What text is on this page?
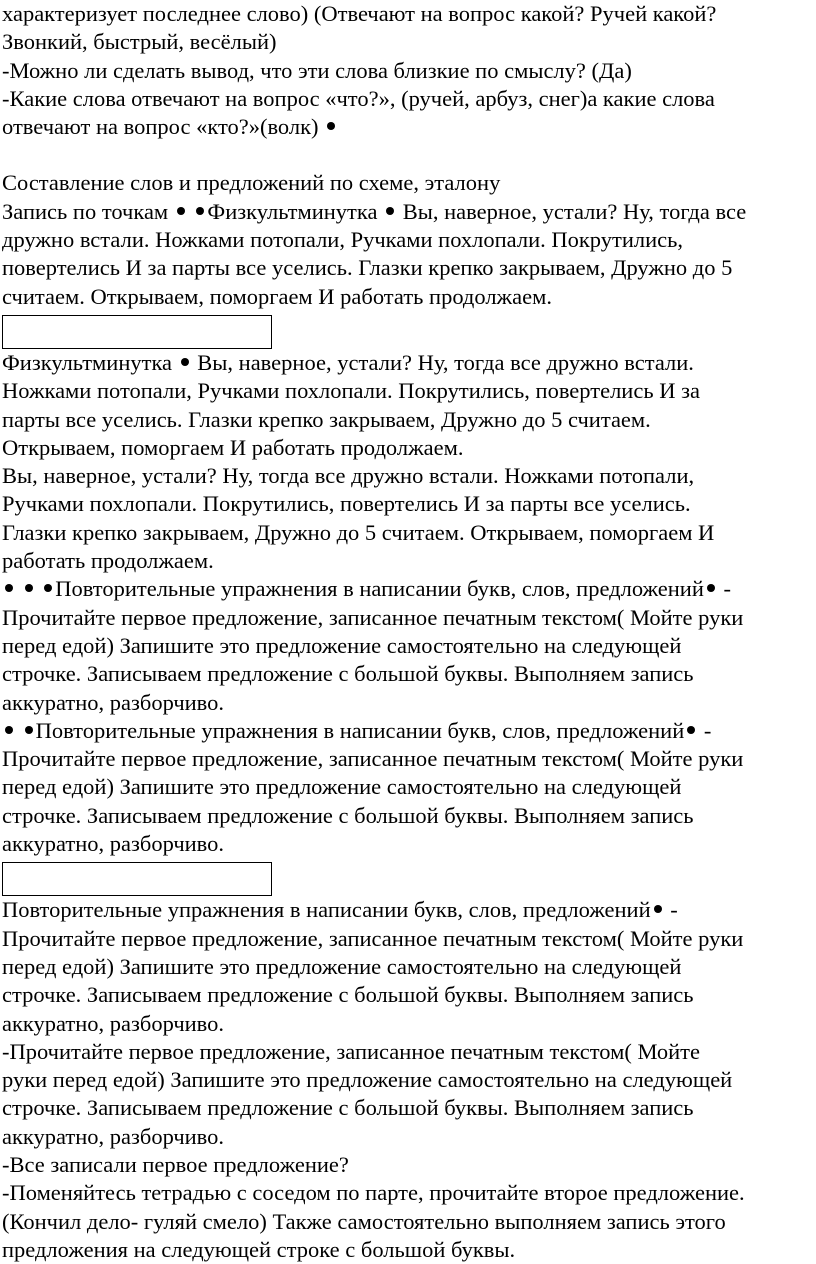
характеризует последнее слово) (Отвечают на вопрос какой? Ручей какой?
Звонкий, быстрый, весёлый)
-Можно ли сделать вывод, что эти слова близкие по смыслу? (Да)
-Какие слова отвечают на вопрос «что?», (ручей, арбуз, снег)а какие слова
отвечают на вопрос «кто?»(волк)
Составление слов и предложений по схеме, эталону
Запись по точкам  Физкультминутка  Вы, наверное, устали? Ну, тогда все
дружно встали. Ножками потопали, Ручками похлопали. Покрутились,
повертелись И за парты все уселись. Глазки крепко закрываем, Дружно до 5
считаем. Открываем, поморгаем И работать продолжаем.
Физкультминутка  Вы, наверное, устали? Ну, тогда все дружно встали.
Ножками потопали, Ручками похлопали. Покрутились, повертелись И за
парты все уселись. Глазки крепко закрываем, Дружно до 5 считаем.
Открываем, поморгаем И работать продолжаем.
Вы, наверное, устали? Ну, тогда все дружно встали. Ножками потопали,
Ручками похлопали. Покрутились, повертелись И за парты все уселись.
Глазки крепко закрываем, Дружно до 5 считаем. Открываем, поморгаем И
работать продолжаем.
Повторительные упражнения в написании букв, слов, предложений -
Прочитайте первое предложение, записанное печатным текстом( Мойте руки
перед едой) Запишите это предложение самостоятельно на следующей
строчке. Записываем предложение с большой буквы. Выполняем запись
аккуратно, разборчиво.
Повторительные упражнения в написании букв, слов, предложений -
Прочитайте первое предложение, записанное печатным текстом( Мойте руки
перед едой) Запишите это предложение самостоятельно на следующей
строчке. Записываем предложение с большой буквы. Выполняем запись
аккуратно, разборчиво.
Повторительные упражнения в написании букв, слов, предложений -
Прочитайте первое предложение, записанное печатным текстом( Мойте руки
перед едой) Запишите это предложение самостоятельно на следующей
строчке. Записываем предложение с большой буквы. Выполняем запись
аккуратно, разборчиво.
-Прочитайте первое предложение, записанное печатным текстом( Мойте
руки перед едой) Запишите это предложение самостоятельно на следующей
строчке. Записываем предложение с большой буквы. Выполняем запись
аккуратно, разборчиво.
-Все записали первое предложение?
-Поменяйтесь тетрадью с соседом по парте, прочитайте второе предложение.
(Кончил дело- гуляй смело) Также самостоятельно выполняем запись этого
предложения на следующей строке с большой буквы.
